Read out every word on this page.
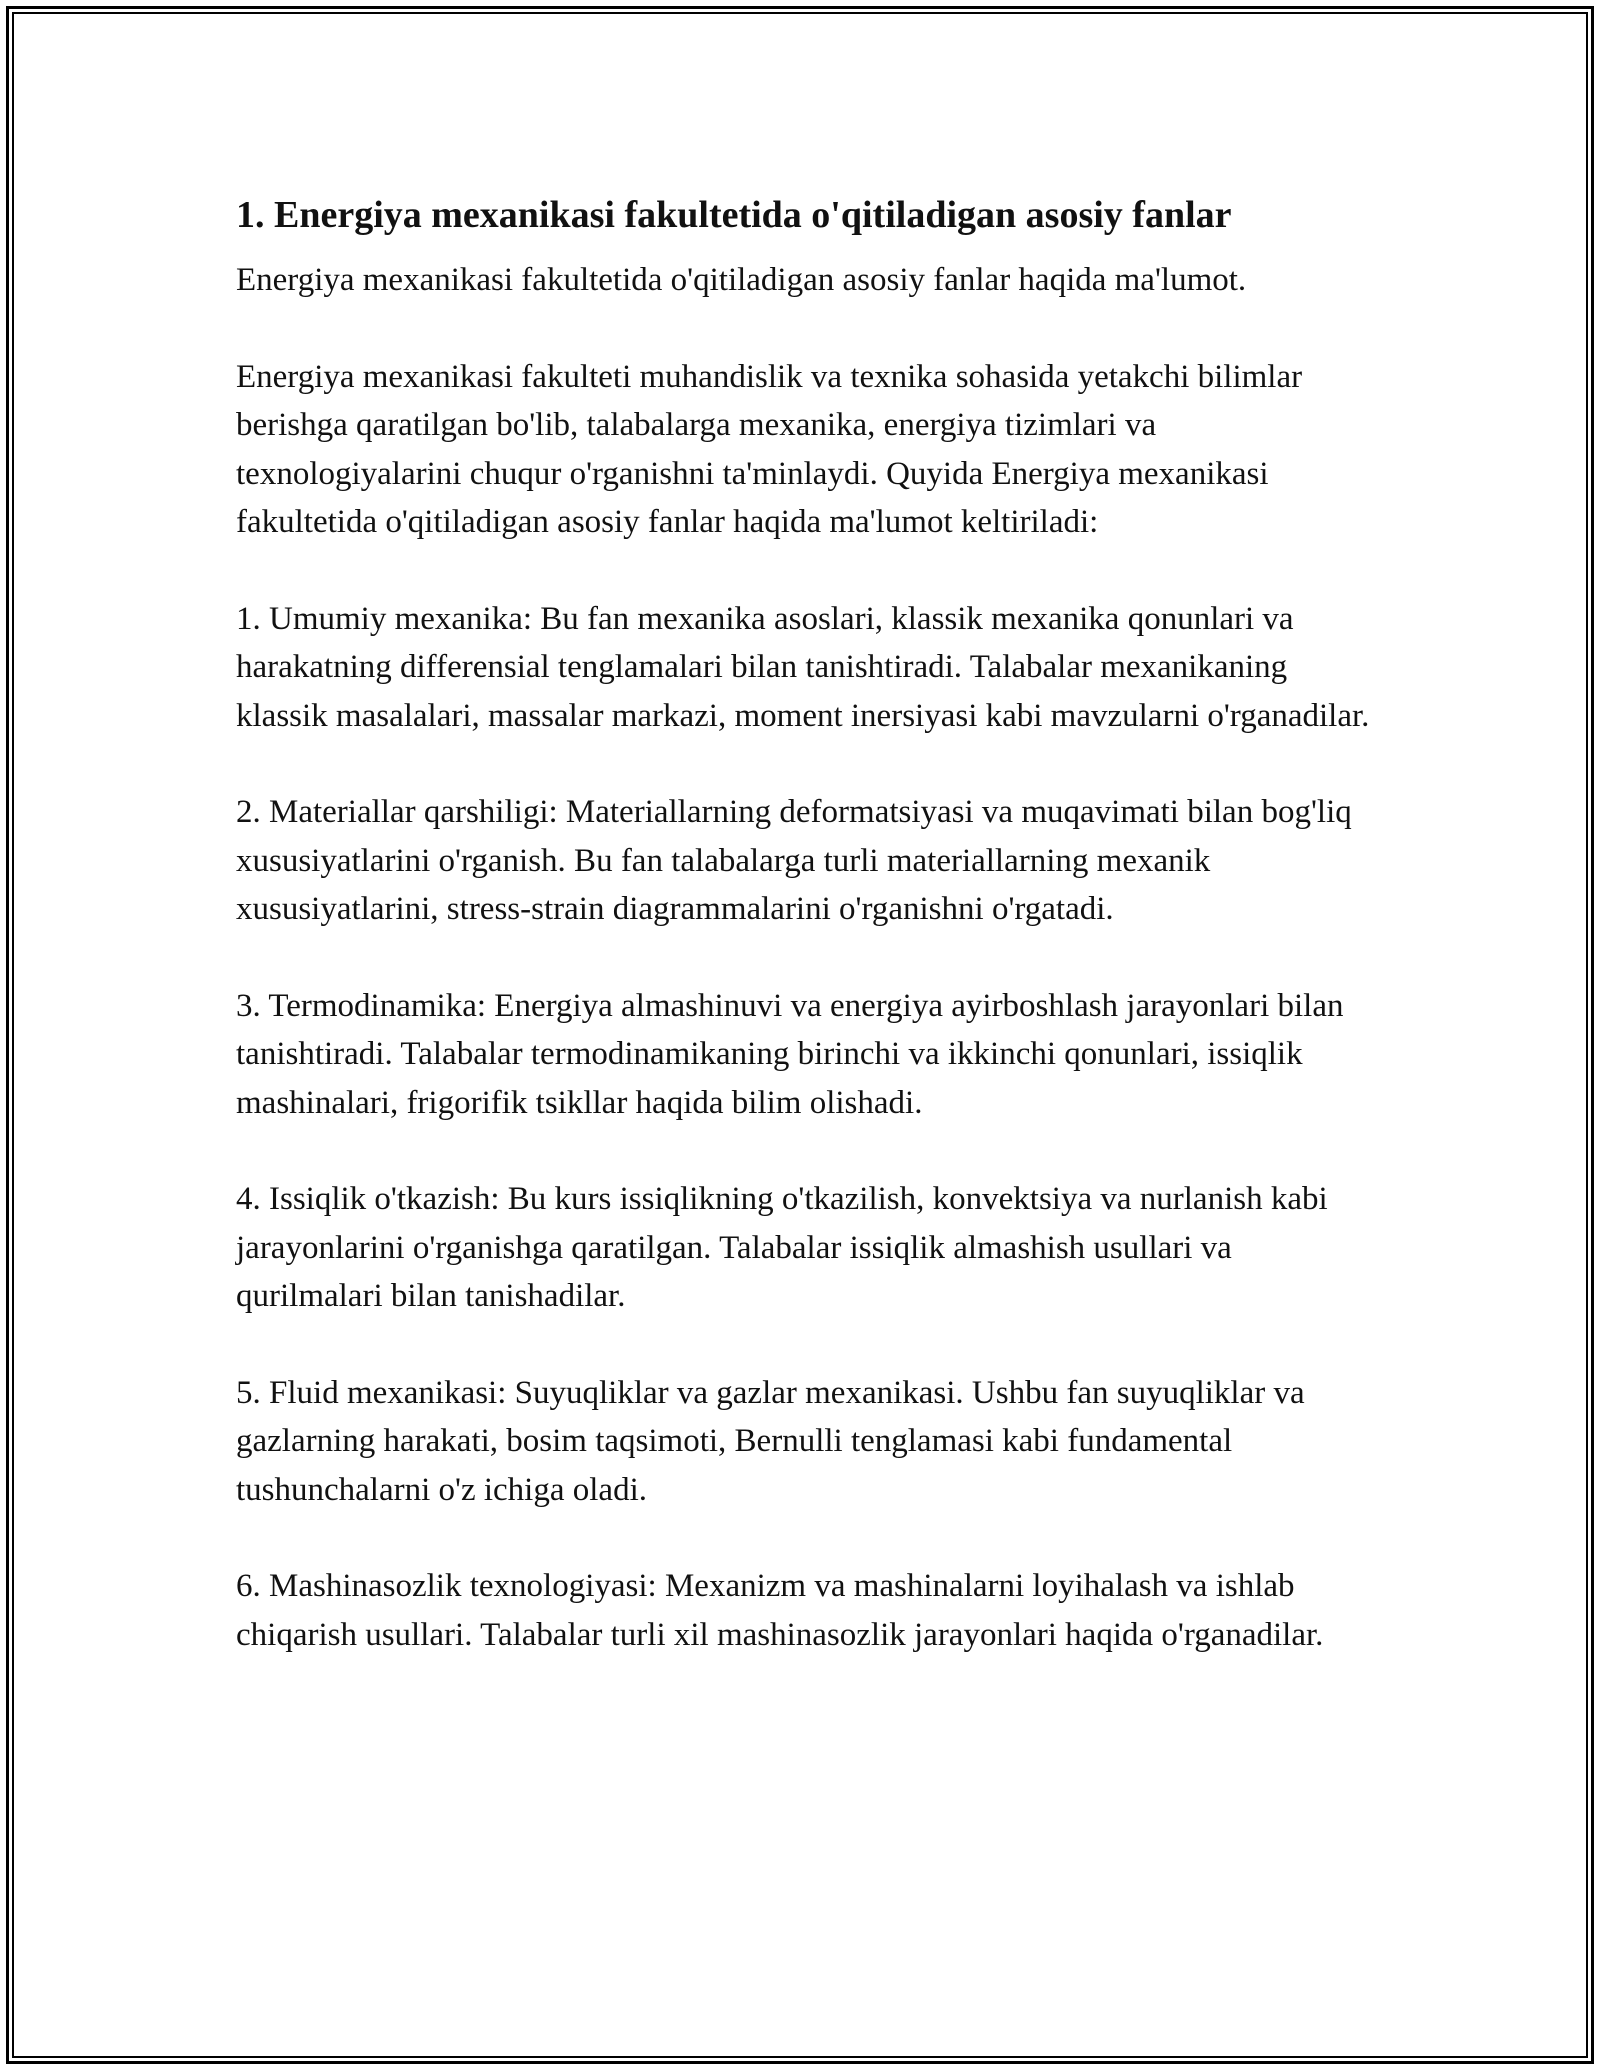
1. Energiya mexanikasi fakultetida o'qitiladigan asosiy fanlar

Energiya mexanikasi fakultetida o'qitiladigan asosiy fanlar haqida ma'lumot.

Energiya mexanikasi fakulteti muhandislik va texnika sohasida yetakchi bilimlar berishga qaratilgan bo'lib, talabalarga mexanika, energiya tizimlari va texnologiyalarini chuqur o'rganishni ta'minlaydi. Quyida Energiya mexanikasi fakultetida o'qitiladigan asosiy fanlar haqida ma'lumot keltiriladi:

1. Umumiy mexanika: Bu fan mexanika asoslari, klassik mexanika qonunlari va harakatning differensial tenglamalari bilan tanishtiradi. Talabalar mexanikaning klassik masalalari, massalar markazi, moment inersiyasi kabi mavzularni o'rganadilar.

2. Materiallar qarshiligi: Materiallarning deformatsiyasi va muqavimati bilan bog'liq xususiyatlarini o'rganish. Bu fan talabalarga turli materiallarning mexanik xususiyatlarini, stress-strain diagrammalarini o'rganishni o'rgatadi.

3. Termodinamika: Energiya almashinuvi va energiya ayirboshlash jarayonlari bilan tanishtiradi. Talabalar termodinamikaning birinchi va ikkinchi qonunlari, issiqlik mashinalari, frigorifik tsikllar haqida bilim olishadi.

4. Issiqlik o'tkazish: Bu kurs issiqlikning o'tkazilish, konvektsiya va nurlanish kabi jarayonlarini o'rganishga qaratilgan. Talabalar issiqlik almashish usullari va qurilmalari bilan tanishadilar.

5. Fluid mexanikasi: Suyuqliklar va gazlar mexanikasi. Ushbu fan suyuqliklar va gazlarning harakati, bosim taqsimoti, Bernulli tenglamasi kabi fundamental tushunchalarni o'z ichiga oladi.

6. Mashinasozlik texnologiyasi: Mexanizm va mashinalarni loyihalash va ishlab chiqarish usullari. Talabalar turli xil mashinasozlik jarayonlari haqida o'rganadilar.
